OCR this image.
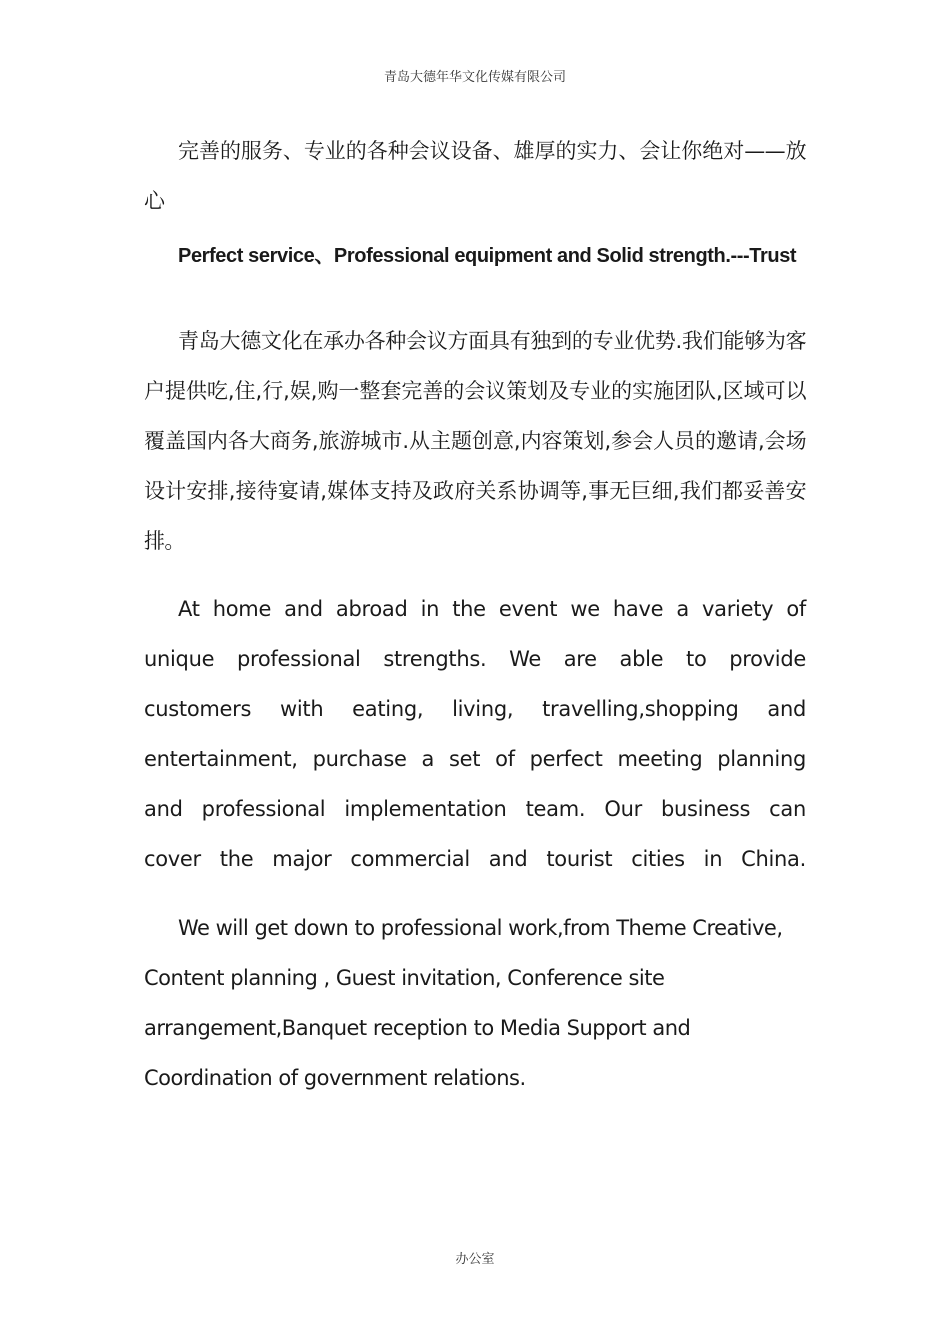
青岛大德年华文化传媒有限公司

完善的服务、专业的各种会议设备、雄厚的实力、会让你绝对——放心

Perfect service、Professional equipment and Solid strength.---Trust

青岛大德文化在承办各种会议方面具有独到的专业优势.我们能够为客户提供吃,住,行,娱,购一整套完善的会议策划及专业的实施团队,区域可以覆盖国内各大商务,旅游城市.从主题创意,内容策划,参会人员的邀请,会场设计安排,接待宴请,媒体支持及政府关系协调等,事无巨细,我们都妥善安排。

At home and abroad in the event we have a variety of unique professional strengths. We are able to provide customers with eating, living, travelling,shopping and entertainment, purchase a set of perfect meeting planning and professional implementation team. Our business can cover the major commercial and tourist cities in China.

We will get down to professional work,from Theme Creative, Content planning , Guest invitation, Conference site arrangement,Banquet reception to Media Support and Coordination of government relations.

办公室
